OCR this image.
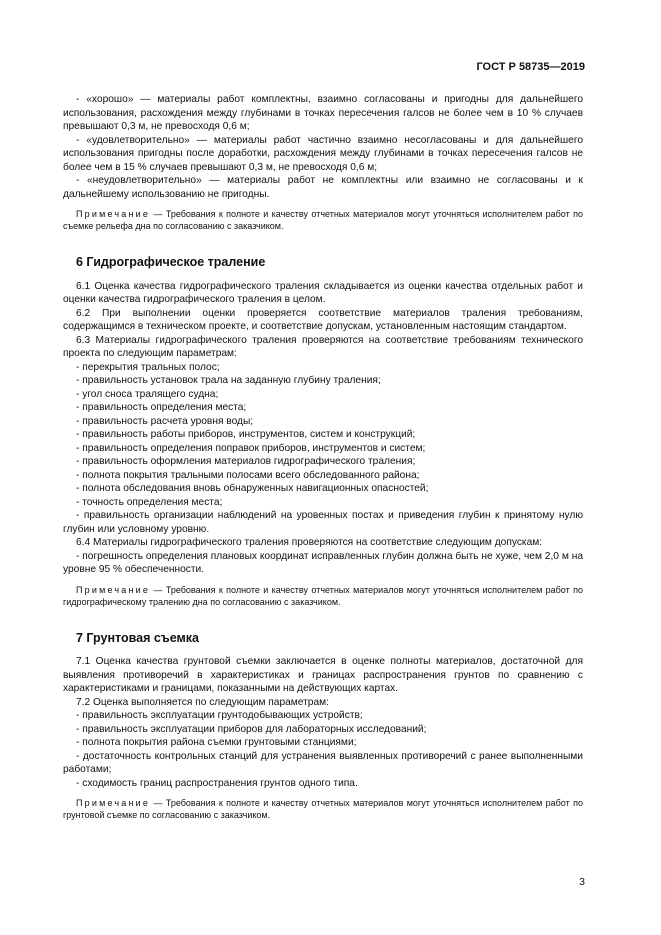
ГОСТ Р 58735—2019

- «хорошо» — материалы работ комплектны, взаимно согласованы и пригодны для дальнейшего использования, расхождения между глубинами в точках пересечения галсов не более чем в 10 % случаев превышают 0,3 м, не превосходя 0,6 м;

- «удовлетворительно» — материалы работ частично взаимно несогласованы и для дальнейшего использования пригодны после доработки, расхождения между глубинами в точках пересечения галсов не более чем в 15 % случаев превышают 0,3 м, не превосходя 0,6 м;

- «неудовлетворительно» — материалы работ не комплектны или взаимно не согласованы и к дальнейшему использованию не пригодны.

Примечание — Требования к полноте и качеству отчетных материалов могут уточняться исполнителем работ по съемке рельефа дна по согласованию с заказчиком.
6 Гидрографическое траление

6.1 Оценка качества гидрографического траления складывается из оценки качества отдельных работ и оценки качества гидрографического траления в целом.

6.2 При выполнении оценки проверяется соответствие материалов траления требованиям, содержащимся в техническом проекте, и соответствие допускам, установленным настоящим стандартом.

6.3 Материалы гидрографического траления проверяются на соответствие требованиям технического проекта по следующим параметрам:

- перекрытия тральных полос;

- правильность установок трала на заданную глубину траления;

- угол сноса тралящего судна;

- правильность определения места;

- правильность расчета уровня воды;

- правильность работы приборов, инструментов, систем и конструкций;

- правильность определения поправок приборов, инструментов и систем;

- правильность оформления материалов гидрографического траления;

- полнота покрытия тральными полосами всего обследованного района;

- полнота обследования вновь обнаруженных навигационных опасностей;

- точность определения места;

- правильность организации наблюдений на уровенных постах и приведения глубин к принятому нулю глубин или условному уровню.

6.4 Материалы гидрографического траления проверяются на соответствие следующим допускам:

- погрешность определения плановых координат исправленных глубин должна быть не хуже, чем 2,0 м на уровне 95 % обеспеченности.

Примечание — Требования к полноте и качеству отчетных материалов могут уточняться исполнителем работ по гидрографическому тралению дна по согласованию с заказчиком.
7 Грунтовая съемка

7.1 Оценка качества грунтовой съемки заключается в оценке полноты материалов, достаточной для выявления противоречий в характеристиках и границах распространения грунтов по сравнению с характеристиками и границами, показанными на действующих картах.

7.2 Оценка выполняется по следующим параметрам:

- правильность эксплуатации грунтодобывающих устройств;

- правильность эксплуатации приборов для лабораторных исследований;

- полнота покрытия района съемки грунтовыми станциями;

- достаточность контрольных станций для устранения выявленных противоречий с ранее выполненными работами;

- сходимость границ распространения грунтов одного типа.

Примечание — Требования к полноте и качеству отчетных материалов могут уточняться исполнителем работ по грунтовой съемке по согласованию с заказчиком.
3
